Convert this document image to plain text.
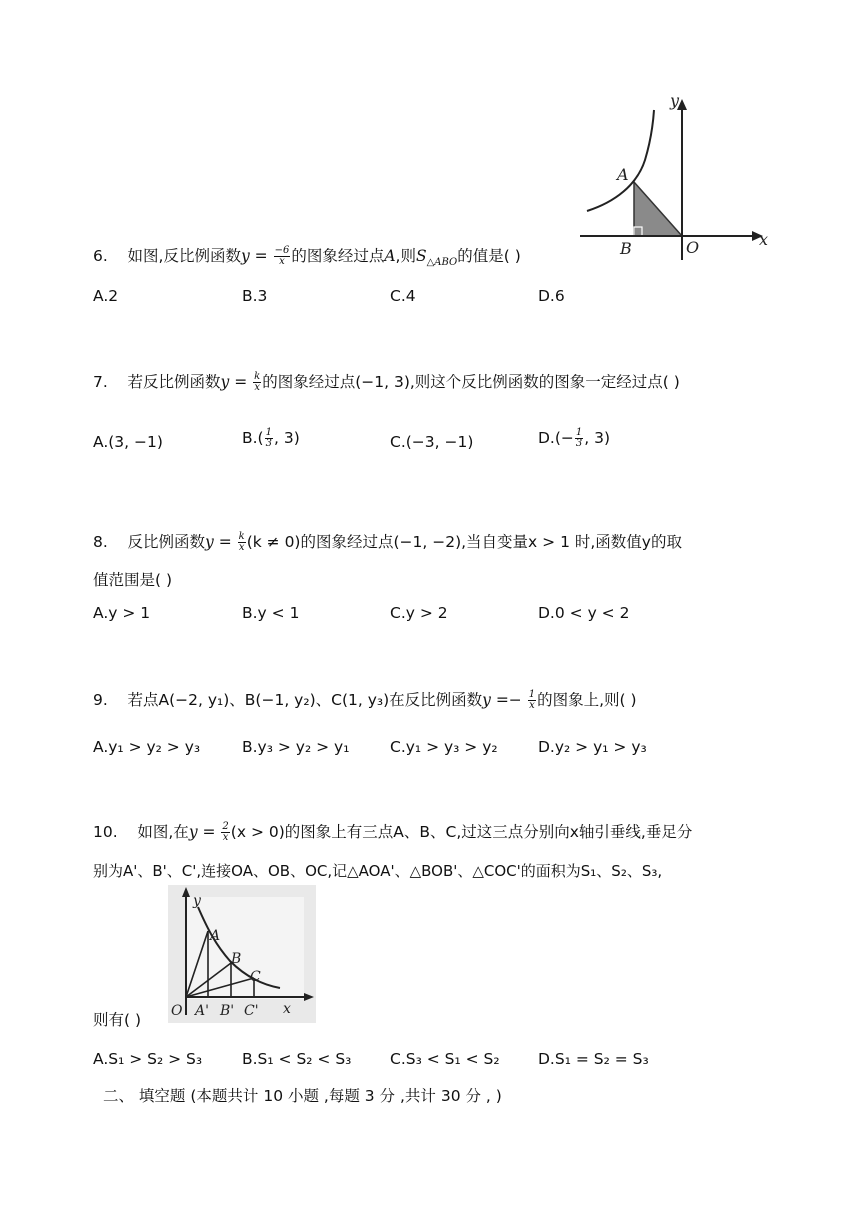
y
A
B	O	x
6. 如图,反比例函数$y = \frac{-6}{x}$ 的图象经过点A,则$S_{\triangle ABO}$的值是( )
A.2	B.3	C.4	D.6
7. 若反比例函数$y = \frac{k}{x}$ 的图象经过点(−1, 3),则这个反比例函数的图象一定经过点( )
A.(3, −1)	$B.( \frac{1}{3}$ , 3)	C.(−3, −1)	$D.(- \frac{1}{3}$ , 3)
8. 反比例函数$y = \frac{k}{x} (k \ne 0)$的图象经过点(−1, −2),当自变量x > 1 时,函数值y的取
值范围是( )
A.y > 1	B.y < 1	C.y > 2	D.0 < y < 2
9. 若点A(−2, y₁)、B(−1, y₂)、C(1, y₃)在反比例函数$y =- \frac{1}{x}$ 的图象上,则( )
A.y₁ > y₂ > y₃	B.y₃ > y₂ > y₁	C.y₁ > y₃ > y₂	D.y₂ > y₁ > y₃
10. 如图,在$y = \frac{2}{x} (x > 0)$的图象上有三点A、B、C,过这三点分别向x轴引垂线,垂足分
别为A'、B'、C',连接OA、OB、OC,记△AOA'、△BOB'、△COC'的面积为S₁、S₂、S₃,
y
A
B
C
O A' B' C' x
则有( )
A.S₁ > S₂ > S₃	B.S₁ < S₂ < S₃ C.S₃ < S₁ < S₂ D.S₁ = S₂ = S₃
二、 填空题 (本题共计 10 小题 ,每题 3 分 ,共计 30 分 , )
